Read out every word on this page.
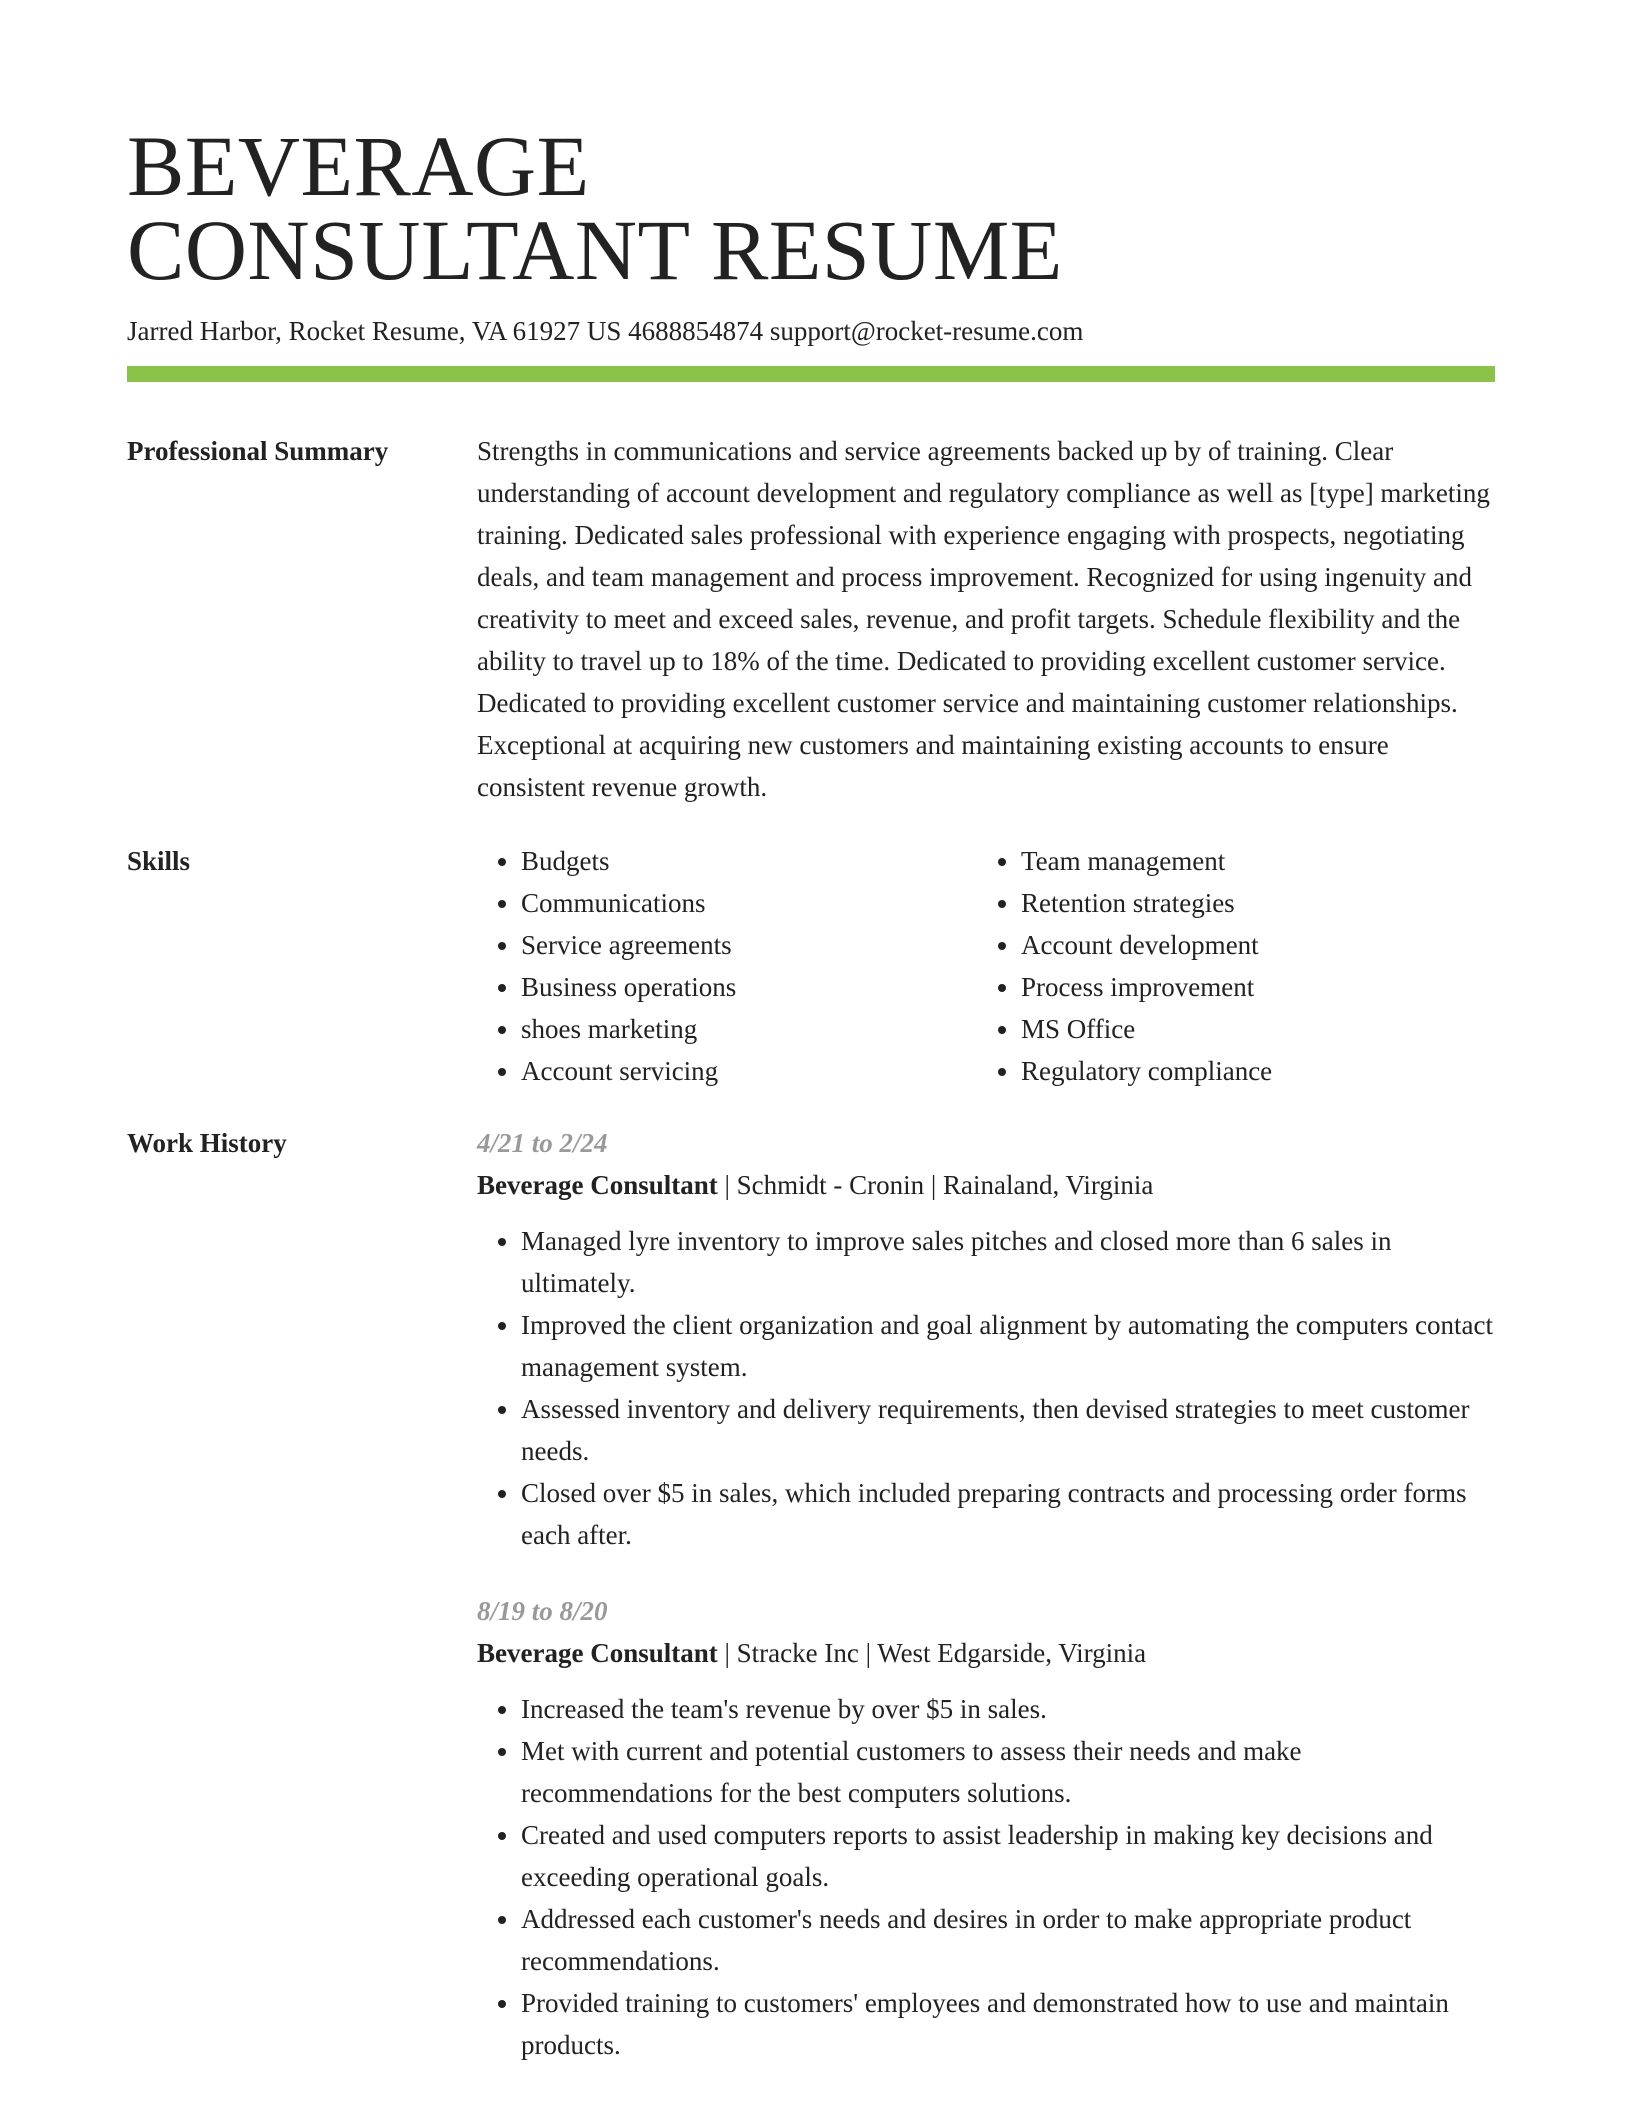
BEVERAGE
CONSULTANT RESUME
Jarred Harbor, Rocket Resume, VA 61927 US 4688854874 support@rocket-resume.com
Professional Summary	Strengths in communications and service agreements backed up by of training. Clear understanding of account development and regulatory compliance as well as [type] marketing training. Dedicated sales professional with experience engaging with prospects, negotiating deals, and team management and process improvement. Recognized for using ingenuity and creativity to meet and exceed sales, revenue, and profit targets. Schedule flexibility and the ability to travel up to 18% of the time. Dedicated to providing excellent customer service. Dedicated to providing excellent customer service and maintaining customer relationships. Exceptional at acquiring new customers and maintaining existing accounts to ensure consistent revenue growth.

Skills
•	Budgets
• Communications
• Service agreements
• Business operations
• shoes marketing
• Account servicing
• Team management
• Retention strategies
• Account development
• Process improvement
• MS Office
• Regulatory compliance
Work History	4/21 to 2/24
Beverage Consultant | Schmidt - Cronin | Rainaland, Virginia
• Managed lyre inventory to improve sales pitches and closed more than 6 sales in ultimately.
• Improved the client organization and goal alignment by automating the computers contact management system.
• Assessed inventory and delivery requirements, then devised strategies to meet customer needs.
• Closed over $5 in sales, which included preparing contracts and processing order forms each after.
8/19 to 8/20
Beverage Consultant | Stracke Inc | West Edgarside, Virginia
• Increased the team's revenue by over $5 in sales.
• Met with current and potential customers to assess their needs and make recommendations for the best computers solutions.
• Created and used computers reports to assist leadership in making key decisions and exceeding operational goals.
• Addressed each customer's needs and desires in order to make appropriate product recommendations.
• Provided training to customers' employees and demonstrated how to use and maintain products.
